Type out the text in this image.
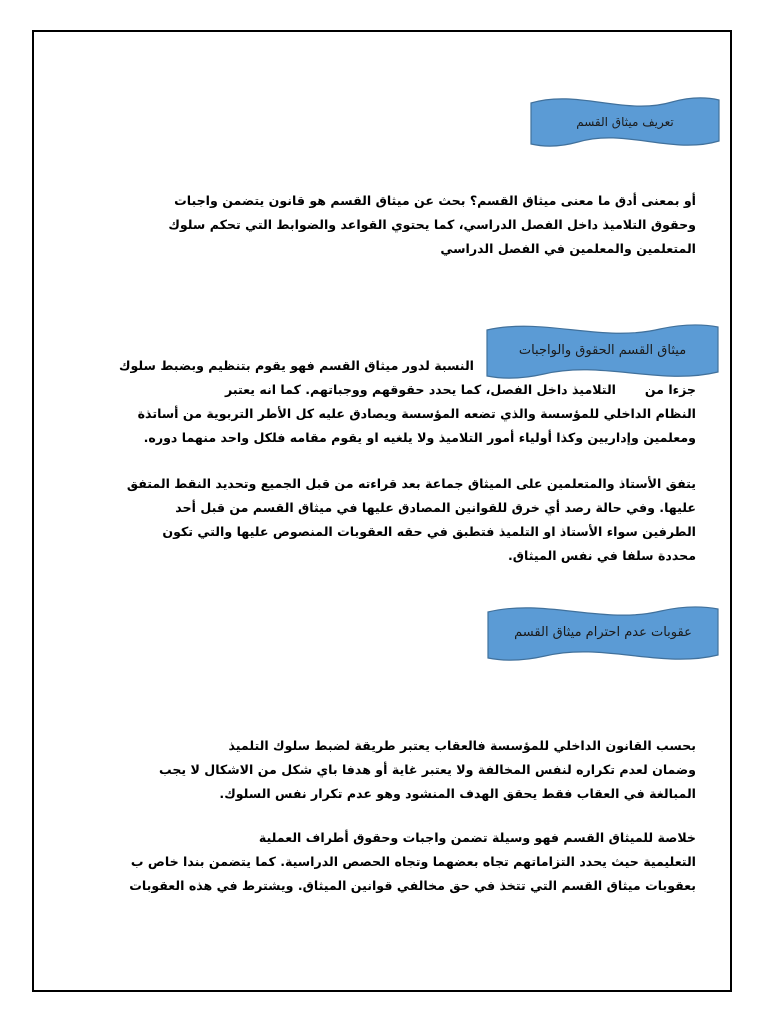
تعريف ميثاق القسم
أو بمعنى أدق ما معنى ميثاق القسم؟ بحث عن ميثاق القسم هو قانون يتضمن واجبات
وحقوق التلاميذ داخل الفصل الدراسي، كما يحتوي القواعد والضوابط التي تحكم سلوك
المتعلمين والمعلمين في الفصل الدراسي
ميثاق القسم الحقوق والواجبات
النسبة لدور ميثاق القسم فهو يقوم بتنظيم وبضبط سلوك
التلاميذ داخل الفصل، كما يحدد حقوقهم ووجباتهم. كما انه يعتبر جزءا من
النظام الداخلي للمؤسسة والذي تضعه المؤسسة ويصادق عليه كل الأطر التربوية من أساتذة
ومعلمين وإداريين وكذا أولياء أمور التلاميذ ولا يلغيه او يقوم مقامه فلكل واحد منهما دوره.
يتفق الأستاذ والمتعلمين على الميثاق جماعة بعد قراءته من قبل الجميع وتحديد النقط المتفق
عليها. وفي حالة رصد أي خرق للقوانين المصادق عليها في ميثاق القسم من قبل أحد
الطرفين سواء الأستاذ او التلميذ فتطبق في حقه العقوبات المنصوص عليها والتي تكون
محددة سلفا في نفس الميثاق.
عقوبات عدم احترام ميثاق القسم
بحسب القانون الداخلي للمؤسسة فالعقاب يعتبر طريقة لضبط سلوك التلميذ
وضمان لعدم تكراره لنفس المخالفة ولا يعتبر غاية أو هدفا باي شكل من الاشكال لا يجب
المبالغة في العقاب فقط يحقق الهدف المنشود وهو عدم تكرار نفس السلوك.
خلاصة للميثاق القسم فهو وسيلة تضمن واجبات وحقوق أطراف العملية
التعليمية حيث يحدد التزاماتهم تجاه بعضهما وتجاه الحصص الدراسية. كما يتضمن بندا خاص ب
بعقوبات ميثاق القسم التي تتخذ في حق مخالفي قوانين الميثاق. ويشترط في هذه العقوبات
